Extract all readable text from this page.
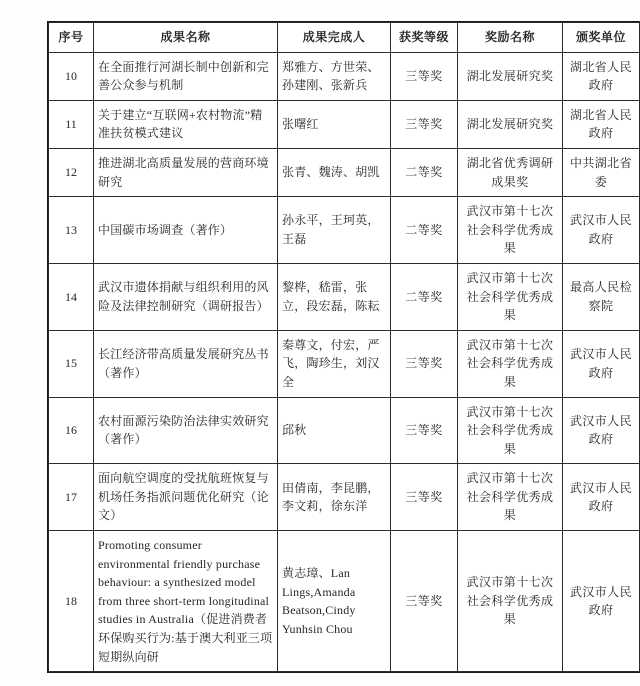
序号	成果名称	成果完成人	获奖等级	奖励名称	颁奖单位
10	在全面推行河湖长制中创新和完善公众参与机制	郑雅方、方世荣、孙建刚、张新兵	三等奖	湖北发展研究奖	湖北省人民政府
11	关于建立“互联网+农村物流”精准扶贫模式建议	张曙红	三等奖	湖北发展研究奖	湖北省人民政府
12	推进湖北高质量发展的营商环境研究	张青、魏涛、胡凯	二等奖	湖北省优秀调研成果奖	中共湖北省委
13	中国碳市场调查（著作）	孙永平，王珂英，王磊	二等奖	武汉市第十七次社会科学优秀成果	武汉市人民政府
14	武汉市遗体捐献与组织利用的风险及法律控制研究（调研报告）	黎桦，嵇雷，张立，段宏磊，陈耘	二等奖	武汉市第十七次社会科学优秀成果	最高人民检察院
15	长江经济带高质量发展研究丛书（著作）	秦尊文，付宏，严飞，陶珍生，刘汉全	三等奖	武汉市第十七次社会科学优秀成果	武汉市人民政府
16	农村面源污染防治法律实效研究（著作）	邱秋	三等奖	武汉市第十七次社会科学优秀成果	武汉市人民政府
17	面向航空调度的受扰航班恢复与机场任务指派问题优化研究（论文）	田倩南，李昆鹏，李文莉，徐东洋	三等奖	武汉市第十七次社会科学优秀成果	武汉市人民政府
18	Promoting consumer environmental friendly purchase behaviour: a synthesized model from three short-term longitudinal studies in Australia（促进消费者环保购买行为:基于澳大利亚三项短期纵向研	黄志璋、Lan Lings,Amanda Beatson,Cindy Yunhsin Chou	三等奖	武汉市第十七次社会科学优秀成果	武汉市人民政府
